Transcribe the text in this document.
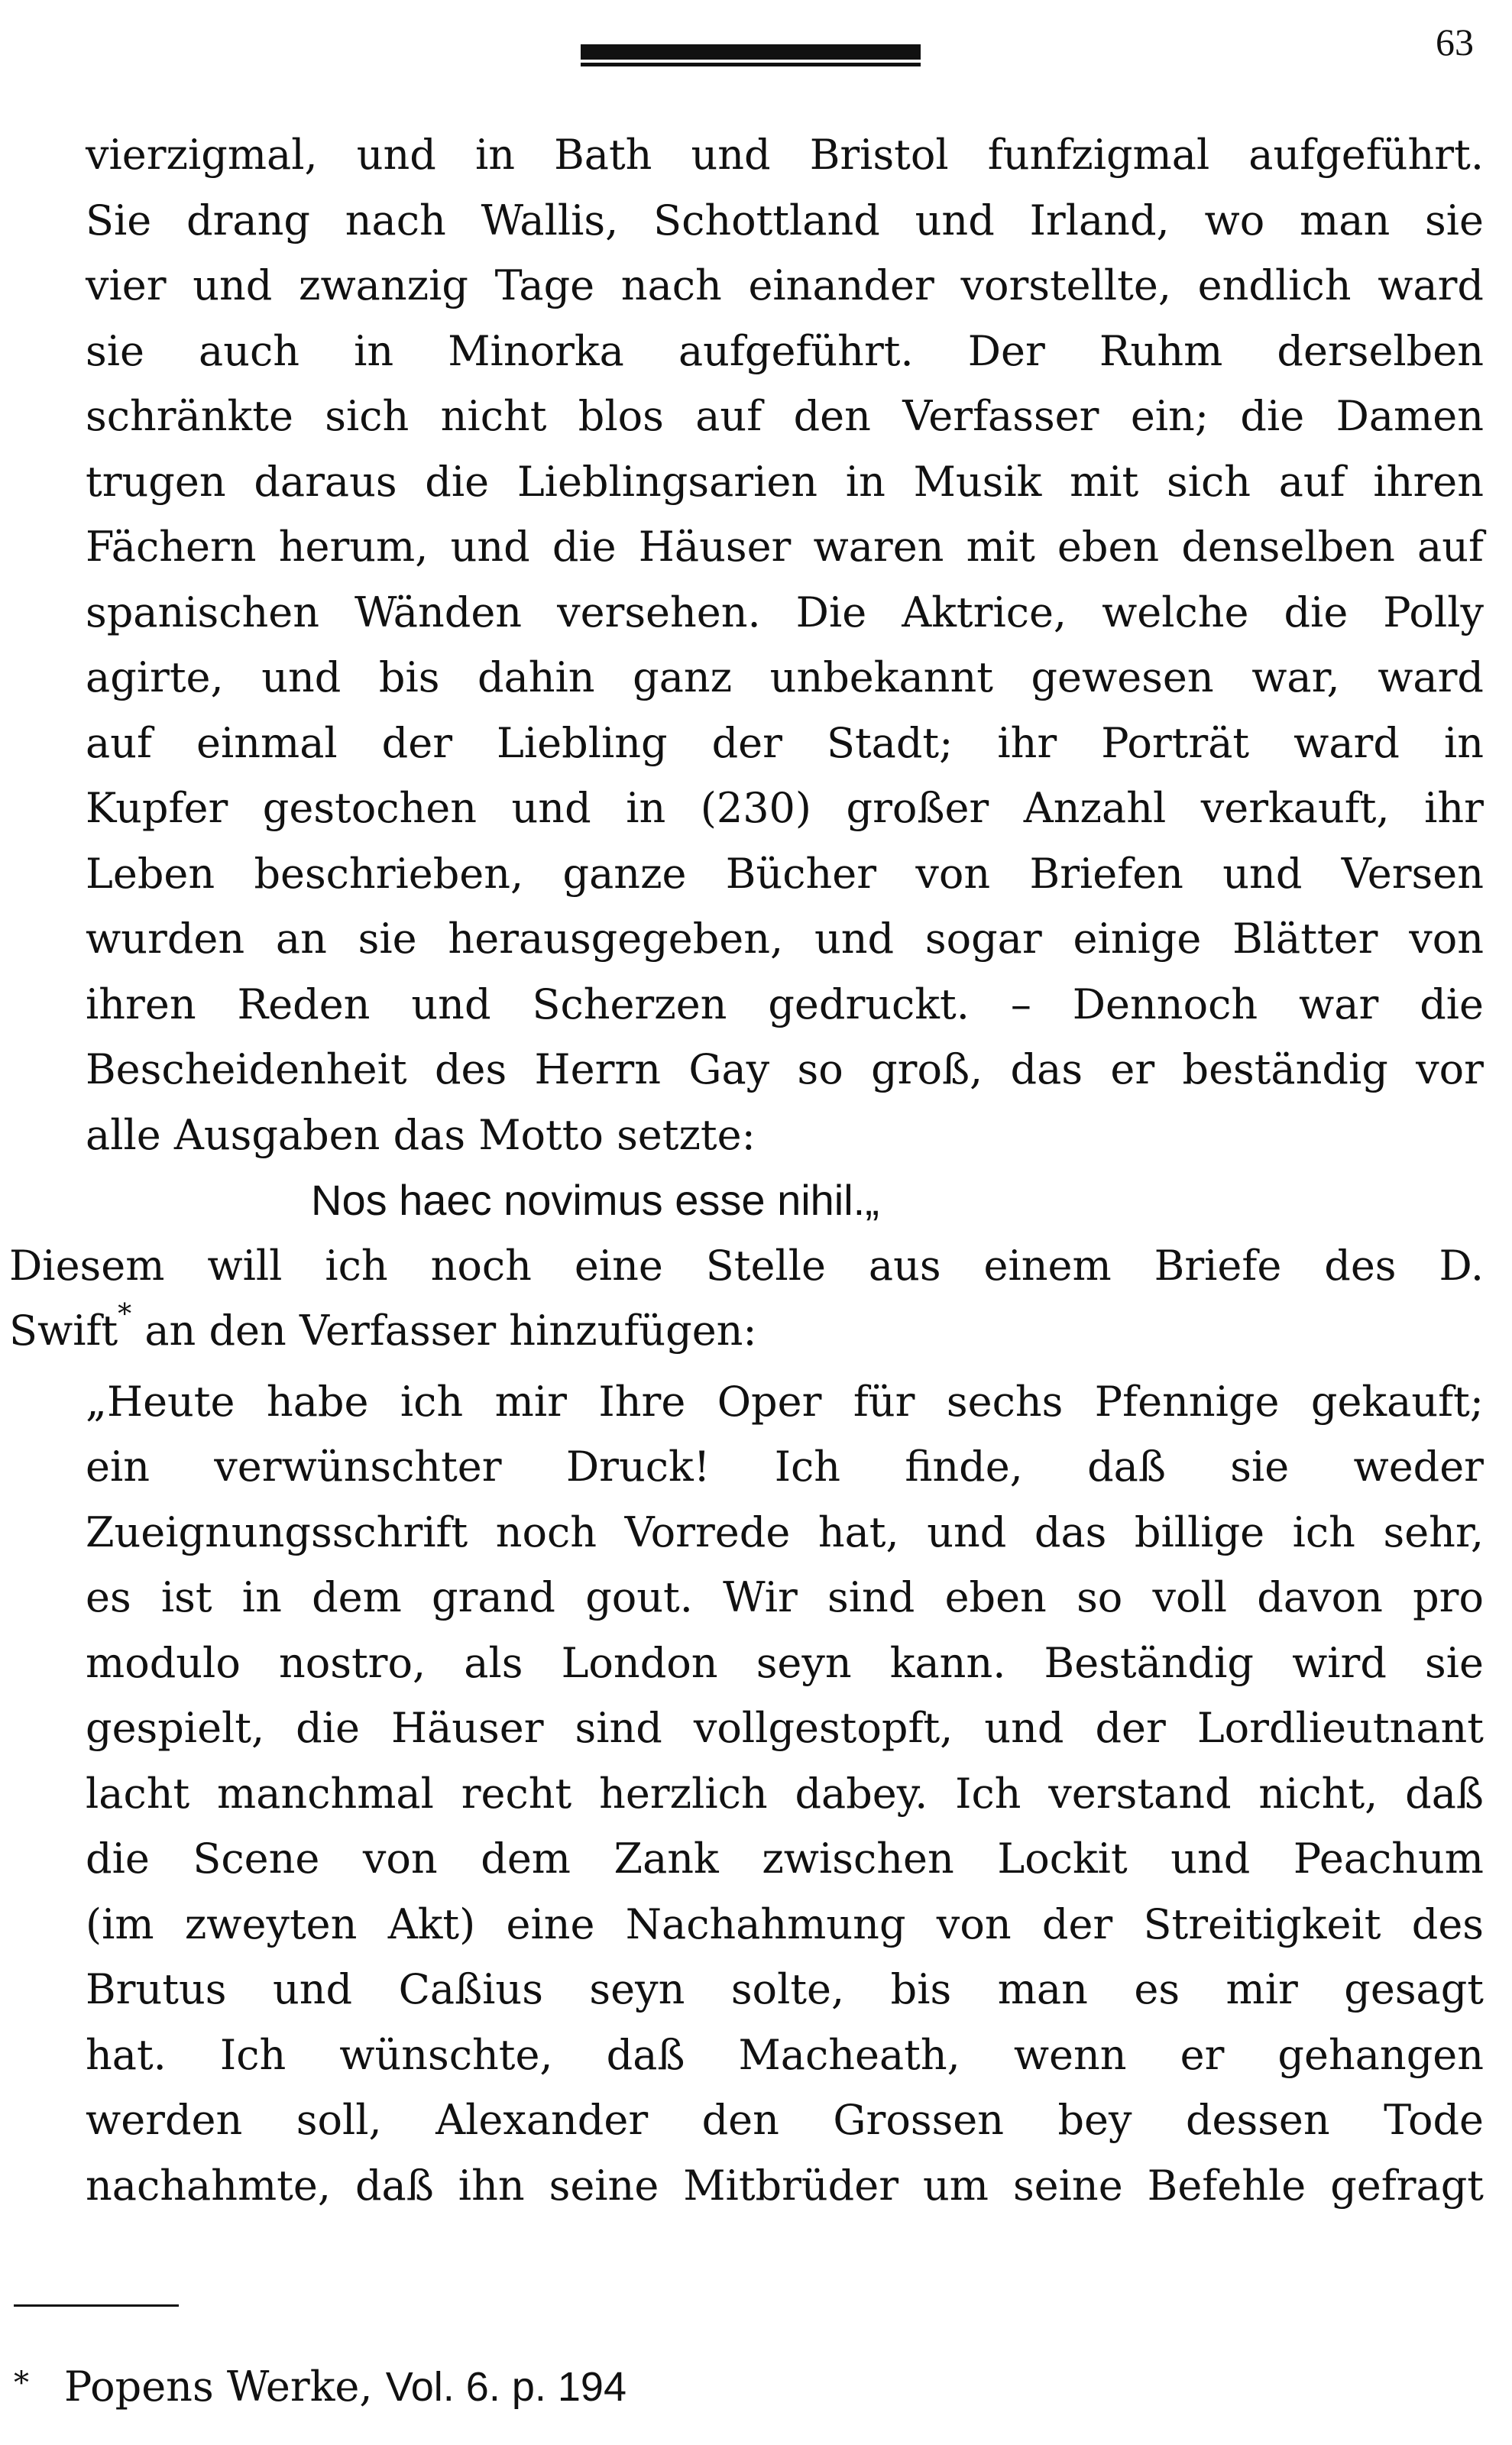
63
vierzigmal, und in Bath und Bristol funfzigmal aufgeführt.
Sie drang nach Wallis, Schottland und Irland, wo man sie
vier und zwanzig Tage nach einander vorstellte, endlich ward
sie auch in Minorka aufgeführt. Der Ruhm derselben
schränkte sich nicht blos auf den Verfasser ein; die Damen
trugen daraus die Lieblingsarien in Musik mit sich auf ihren
Fächern herum, und die Häuser waren mit eben denselben auf
spanischen Wänden versehen. Die Aktrice, welche die Polly
agirte, und bis dahin ganz unbekannt gewesen war, ward
auf einmal der Liebling der Stadt; ihr Porträt ward in
Kupfer gestochen und in (230) großer Anzahl verkauft, ihr
Leben beschrieben, ganze Bücher von Briefen und Versen
wurden an sie herausgegeben, und sogar einige Blätter von
ihren Reden und Scherzen gedruckt. – Dennoch war die
Bescheidenheit des Herrn Gay so groß, das er beständig vor
alle Ausgaben das Motto setzte:
Nos haec novimus esse nihil.„
Diesem will ich noch eine Stelle aus einem Briefe des D.
Swift* an den Verfasser hinzufügen:
„Heute habe ich mir Ihre Oper für sechs Pfennige gekauft;
ein verwünschter Druck! Ich finde, daß sie weder
Zueignungsschrift noch Vorrede hat, und das billige ich sehr,
es ist in dem grand gout. Wir sind eben so voll davon pro
modulo nostro, als London seyn kann. Beständig wird sie
gespielt, die Häuser sind vollgestopft, und der Lordlieutnant
lacht manchmal recht herzlich dabey. Ich verstand nicht, daß
die Scene von dem Zank zwischen Lockit und Peachum
(im zweyten Akt) eine Nachahmung von der Streitigkeit des
Brutus und Caßius seyn solte, bis man es mir gesagt
hat. Ich wünschte, daß Macheath, wenn er gehangen
werden soll, Alexander den Grossen bey dessen Tode
nachahmte, daß ihn seine Mitbrüder um seine Befehle gefragt
* Popens Werke, Vol. 6. p. 194
